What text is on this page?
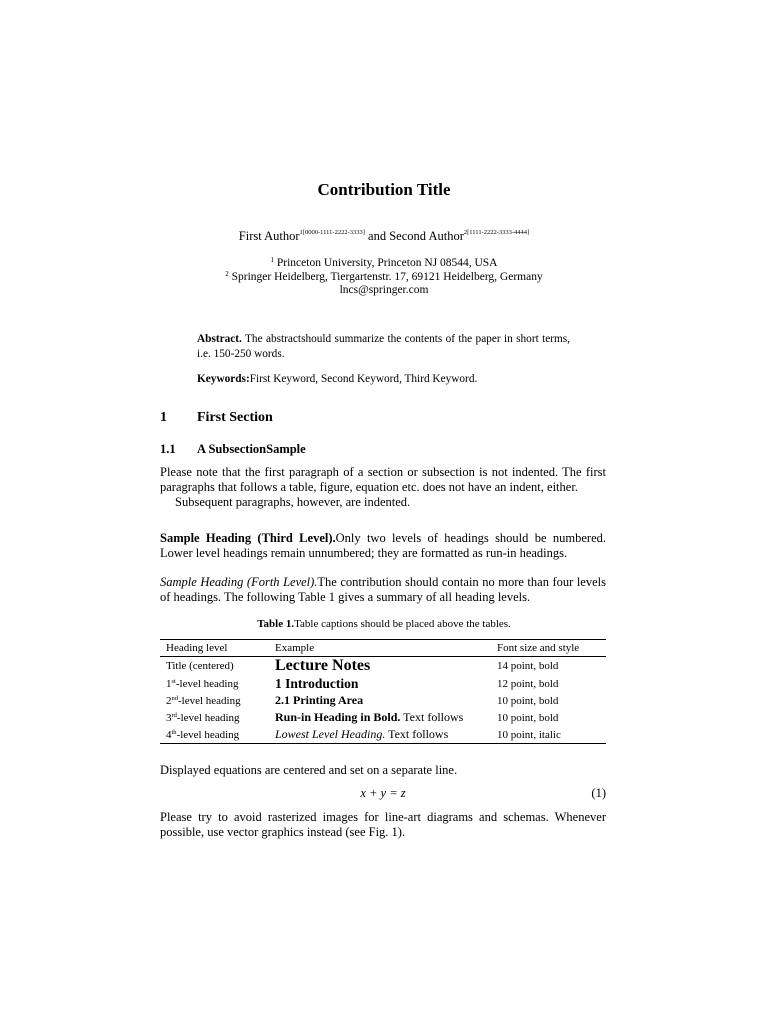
Contribution Title
First Author$^{1[0000-1111-2222-3333]}$ and Second Author$^{2[1111-2222-3333-4444]}$
$^1$ Princeton University, Princeton NJ 08544, USA
$^2$ Springer Heidelberg, Tiergartenstr. 17, 69121 Heidelberg, Germany
lncs@springer.com
Abstract. The abstractshould summarize the contents of the paper in short terms, i.e. 150-250 words.
Keywords:First Keyword, Second Keyword, Third Keyword.
1 First Section
1.1 A SubsectionSample
Please note that the first paragraph of a section or subsection is not indented. The first paragraphs that follows a table, figure, equation etc. does not have an indent, either.
Subsequent paragraphs, however, are indented.
Sample Heading (Third Level).Only two levels of headings should be numbered. Lower level headings remain unnumbered; they are formatted as run-in headings.
Sample Heading (Forth Level).The contribution should contain no more than four levels of headings. The following Table 1 gives a summary of all heading levels.
Table 1.Table captions should be placed above the tables.
Heading level	Example	Font size and style
Title (centered)	Lecture Notes	14 point, bold
1st-level heading	1 Introduction	12 point, bold
2nd-level heading	2.1 Printing Area	10 point, bold
3rd-level heading	Run-in Heading in Bold. Text follows	10 point, bold
4th-level heading	Lowest Level Heading. Text follows	10 point, italic
Displayed equations are centered and set on a separate line.
x + y = z	(1)
Please try to avoid rasterized images for line-art diagrams and schemas. Whenever possible, use vector graphics instead (see Fig. 1).
